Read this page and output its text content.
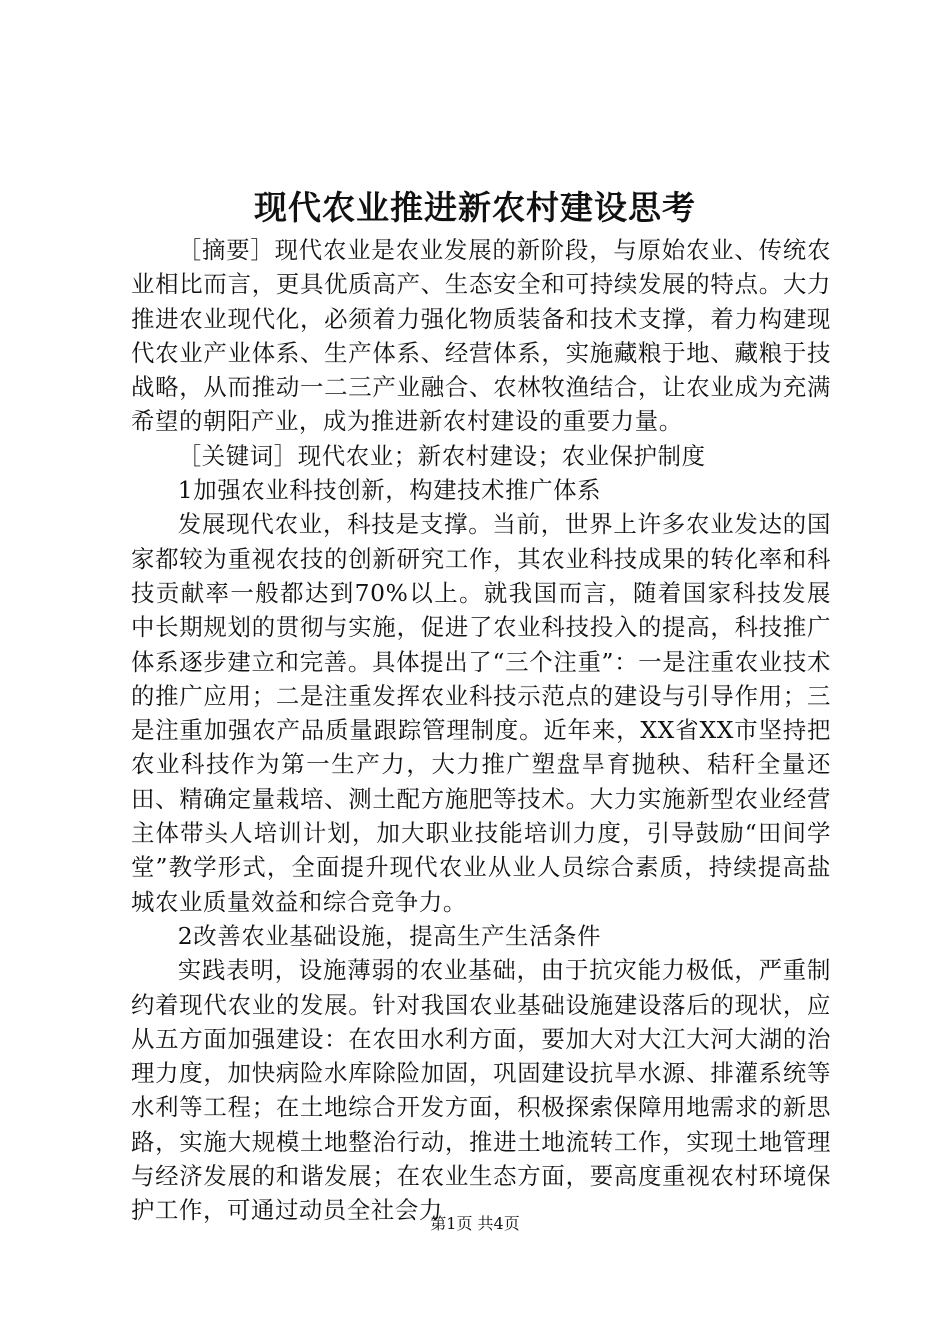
现代农业推进新农村建设思考

［摘要］现代农业是农业发展的新阶段，与原始农业、传统农业相比而言，更具优质高产、生态安全和可持续发展的特点。大力推进农业现代化，必须着力强化物质装备和技术支撑，着力构建现代农业产业体系、生产体系、经营体系，实施藏粮于地、藏粮于技战略，从而推动一二三产业融合、农林牧渔结合，让农业成为充满希望的朝阳产业，成为推进新农村建设的重要力量。

［关键词］现代农业；新农村建设；农业保护制度

1加强农业科技创新，构建技术推广体系

发展现代农业，科技是支撑。当前，世界上许多农业发达的国家都较为重视农技的创新研究工作，其农业科技成果的转化率和科技贡献率一般都达到70%以上。就我国而言，随着国家科技发展中长期规划的贯彻与实施，促进了农业科技投入的提高，科技推广体系逐步建立和完善。具体提出了“三个注重”：一是注重农业技术的推广应用；二是注重发挥农业科技示范点的建设与引导作用；三是注重加强农产品质量跟踪管理制度。近年来，XX省XX市坚持把农业科技作为第一生产力，大力推广塑盘旱育抛秧、秸秆全量还田、精确定量栽培、测土配方施肥等技术。大力实施新型农业经营主体带头人培训计划，加大职业技能培训力度，引导鼓励“田间学堂”教学形式，全面提升现代农业从业人员综合素质，持续提高盐城农业质量效益和综合竞争力。

2改善农业基础设施，提高生产生活条件

实践表明，设施薄弱的农业基础，由于抗灾能力极低，严重制约着现代农业的发展。针对我国农业基础设施建设落后的现状，应从五方面加强建设：在农田水利方面，要加大对大江大河大湖的治理力度，加快病险水库除险加固，巩固建设抗旱水源、排灌系统等水利等工程；在土地综合开发方面，积极探索保障用地需求的新思路，实施大规模土地整治行动，推进土地流转工作，实现土地管理与经济发展的和谐发展；在农业生态方面，要高度重视农村环境保护工作，可通过动员全社会力

第1页 共4页
